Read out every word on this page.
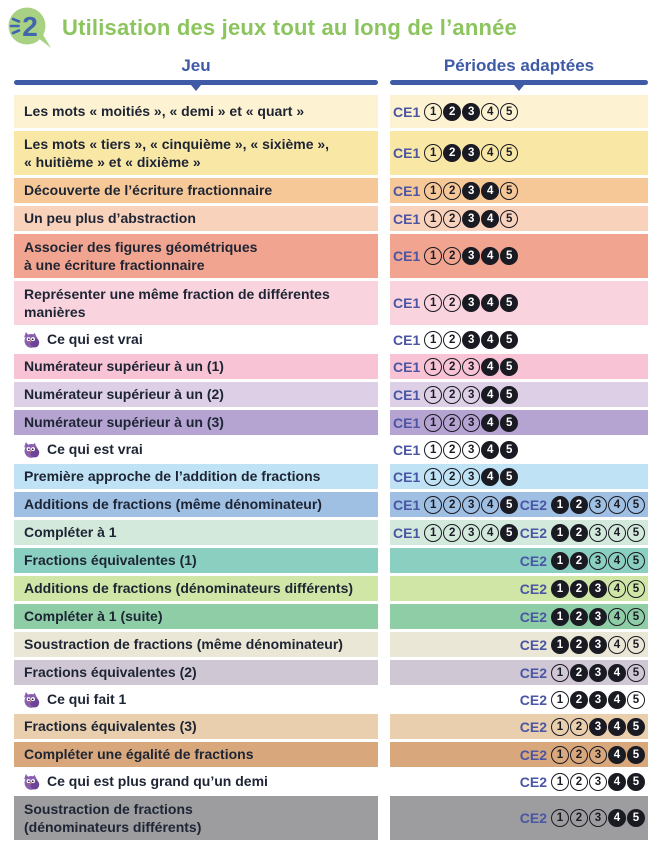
2 Utilisation des jeux tout au long de l’année
Jeu	Périodes adaptées
Les mots « moitiés », « demi » et « quart »	CE1 1	2	3	4	5
Les mots « tiers », « cinquième », « sixième »,
« huitième » et « dixième »
CE1 1	2	3	4	5
Découverte de l’écriture fractionnaire	CE1 1	2	3	4	5
Un peu plus d’abstraction	CE1 1	2	3	4	5
Associer des figures géométriques
à une écriture fractionnaire
CE1 1	2	3	4	5
Représenter une même fraction de différentes
manières
CE1 1	2	3	4	5
Ce qui est vrai	CE1 1	2	3	4	5
Numérateur supérieur à un (1)	CE1 1	2	3	4	5
Numérateur supérieur à un (2)	CE1 1	2	3	4	5
Numérateur supérieur à un (3)	CE1 1	2	3	4	5
Ce qui est vrai	CE1 1	2	3	4	5
Première approche de l’addition de fractions	CE1 1	2	3	4	5
Additions de fractions (même dénominateur)	CE1 1	2	3	4	5 CE2 1	2	3	4	5
Compléter à 1	CE1 1	2	3	4	5 CE2 1	2	3	4	5
Fractions équivalentes (1)	CE2 1	2	3	4	5
Additions de fractions (dénominateurs différents)	CE2 1	2	3	4	5
Compléter à 1 (suite)	CE2 1	2	3	4	5
Soustraction de fractions (même dénominateur)	CE2 1	2	3	4	5
Fractions équivalentes (2)	CE2 1	2	3	4	5
Ce qui fait 1	CE2 1	2	3	4	5
Fractions équivalentes (3)	CE2 1	2	3	4	5
Compléter une égalité de fractions	CE2 1	2	3	4	5
Ce qui est plus grand qu’un demi	CE2 1	2	3	4	5
Soustraction de fractions
(dénominateurs différents)
CE2 1	2	3	4	5
